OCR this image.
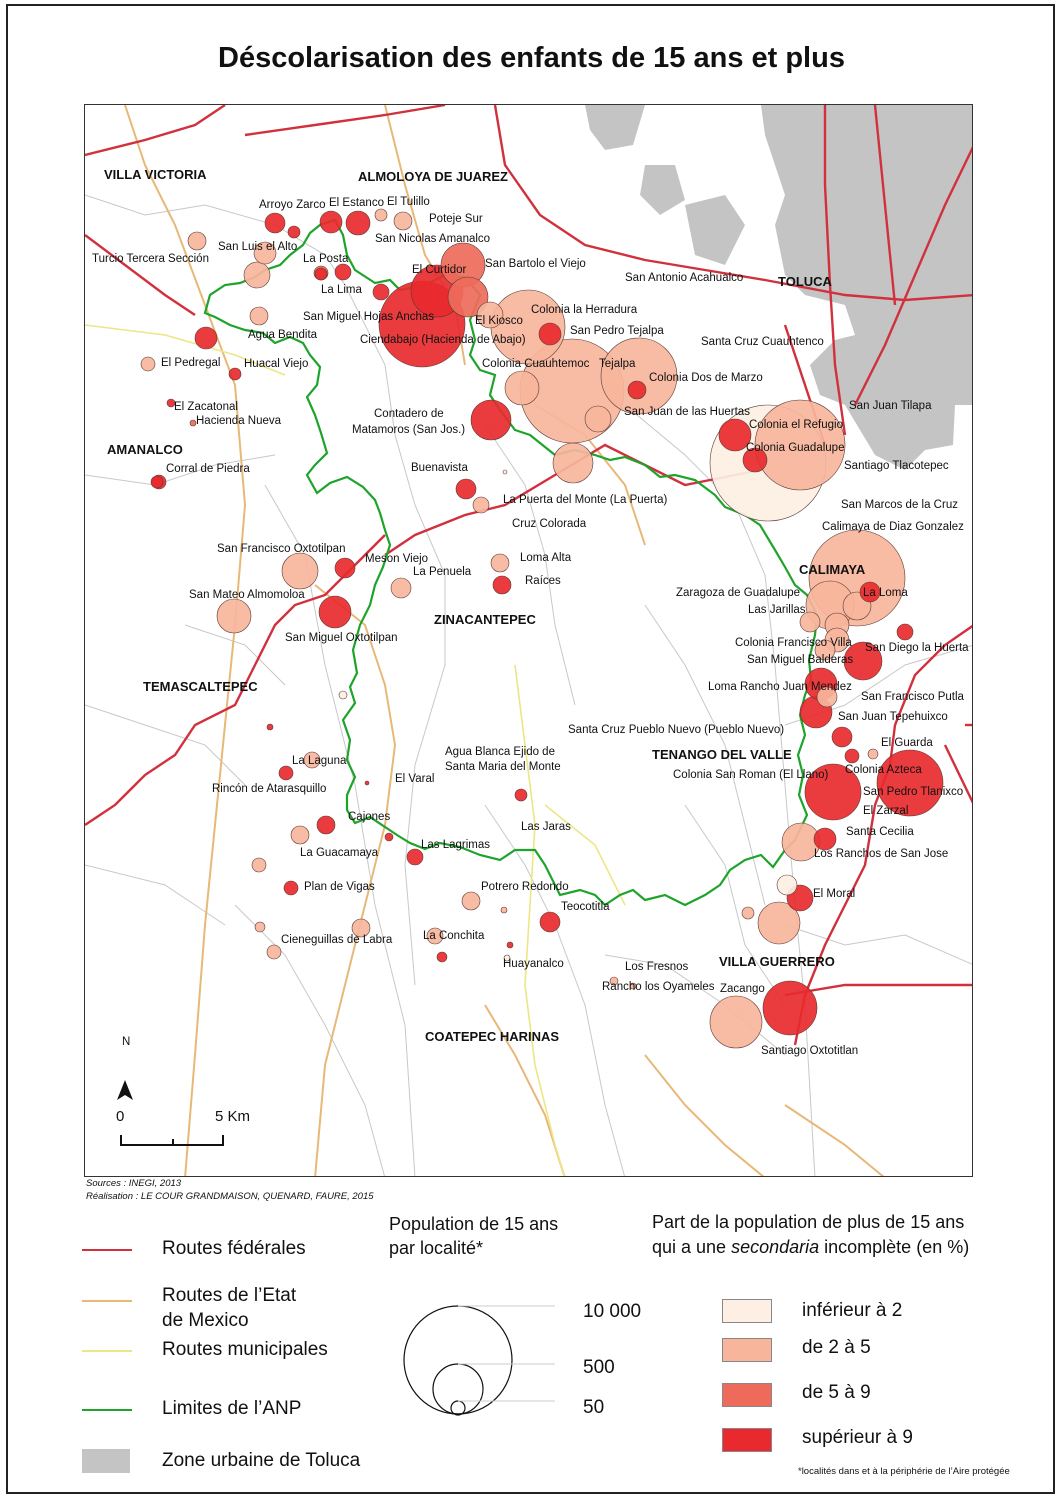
Déscolarisation des enfants de 15 ans et plus
N
0	5 Km
Arroyo Zarco El Estanco El Tulillo
Poteje Sur
San Nicolas Amanalco
San Luis el Alto
Turcio Tercera Sección	La Posta
El Curtidor San Bartolo el Viejo
San Antonio Acahualco
La Lima
San Miguel Hojas Anchas	El Kiosco
Colonia la Herradura
San Pedro Tejalpa
Agua Bendita	Ciendabajo (Hacienda de Abajo)	Santa Cruz Cuauhtenco
El Pedregal Huacal Viejo	Colonia Cuauhtemoc Tejalpa
Colonia Dos de Marzo
El Zacatonal
Hacienda Nueva
Contadero de
Matamoros (San Jos.)
San Juan de las Huertas	San Juan Tilapa
Colonia el Refugio
Colonia Guadalupe
Corral de Piedra	Buenavista	Santiago Tlacotepec
La Puerta del Monte (La Puerta)	San Marcos de la Cruz
Cruz Colorada	Calimaya de Diaz Gonzalez
San Francisco Oxtotilpan
Meson Viejo	Loma Alta
La Penuela
Raíces
Zaragoza de Guadalupe	La Loma
San Mateo Almomoloa
Las Jarillas
San Miguel Oxtotilpan	Colonia Francisco Villa San Diego la Huerta
San Miguel Balderas
Loma Rancho Juan Mendez
San Francisco Putla
San Juan Tepehuixco
Santa Cruz Pueblo Nuevo (Pueblo Nuevo)
El Guarda
Agua Blanca Ejido de
Santa Maria del Monte
La Laguna
Colonia San Roman (El Llano) Colonia Azteca
El Varal
Rincón de Atarasquillo	San Pedro Tlanixco
El Zarzal
Cajones
Las Jaras	Santa Cecilia
La Guacamaya
Las Lagrimas
Los Ranchos de San Jose
Plan de Vigas	Potrero Redondo
El Moral
Teocotitla
Cieneguillas de Labra	La Conchita
Huayanalco	Los Fresnos
Rancho los Oyameles Zacango
Santiago Oxtotitlan
VILLA VICTORIA	ALMOLOYA DE JUAREZ
TOLUCA
AMANALCO
CALIMAYA
ZINACANTEPEC
TEMASCALTEPEC
TENANGO DEL VALLE
VILLA GUERRERO
COATEPEC HARINAS
Sources : INEGI, 2013
Réalisation : LE COUR GRANDMAISON, QUENARD, FAURE, 2015
Routes fédérales
Routes de l’Etat
de Mexico
Routes municipales
Limites de l’ANP
Zone urbaine de Toluca
Population de 15 ans
par localité*
10 000
500
50
Part de la population de plus de 15 ans
qui a une secondaria incomplète (en %)
inférieur à 2
de 2 à 5
de 5 à 9
supérieur à 9
*localités dans et à la périphérie de l’Aire protégée
